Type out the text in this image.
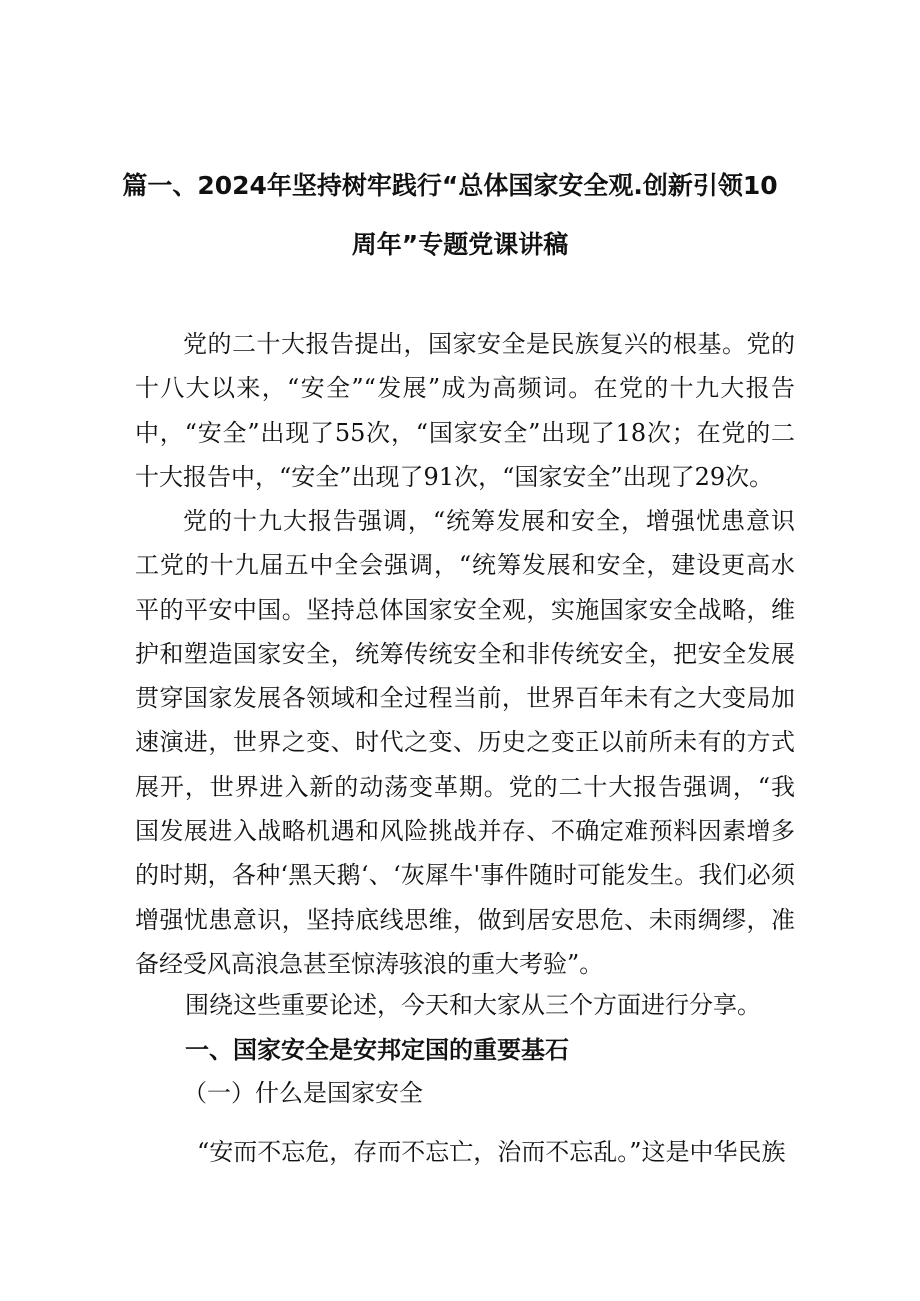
篇一、2024年坚持树牢践行“总体国家安全观.创新引领10
周年”专题党课讲稿

党的二十大报告提出，国家安全是民族复兴的根基。党的十八大以来，“安全”“发展”成为高频词。在党的十九大报告中，“安全”出现了55次，“国家安全”出现了18次；在党的二十大报告中，“安全”出现了91次，“国家安全”出现了29次。

党的十九大报告强调，“统筹发展和安全，增强忧患意识工党的十九届五中全会强调，“统筹发展和安全，建设更高水平的平安中国。坚持总体国家安全观，实施国家安全战略，维护和塑造国家安全，统筹传统安全和非传统安全，把安全发展贯穿国家发展各领域和全过程当前，世界百年未有之大变局加速演进，世界之变、时代之变、历史之变正以前所未有的方式展开，世界进入新的动荡变革期。党的二十大报告强调，“我国发展进入战略机遇和风险挑战并存、不确定难预料因素增多的时期，各种‘黑天鹅‘、‘灰犀牛'事件随时可能发生。我们必须增强忧患意识，坚持底线思维，做到居安思危、未雨绸缪，准备经受风高浪急甚至惊涛骇浪的重大考验”。

围绕这些重要论述，今天和大家从三个方面进行分享。

一、国家安全是安邦定国的重要基石

（一）什么是国家安全

“安而不忘危，存而不忘亡，治而不忘乱。”这是中华民族
